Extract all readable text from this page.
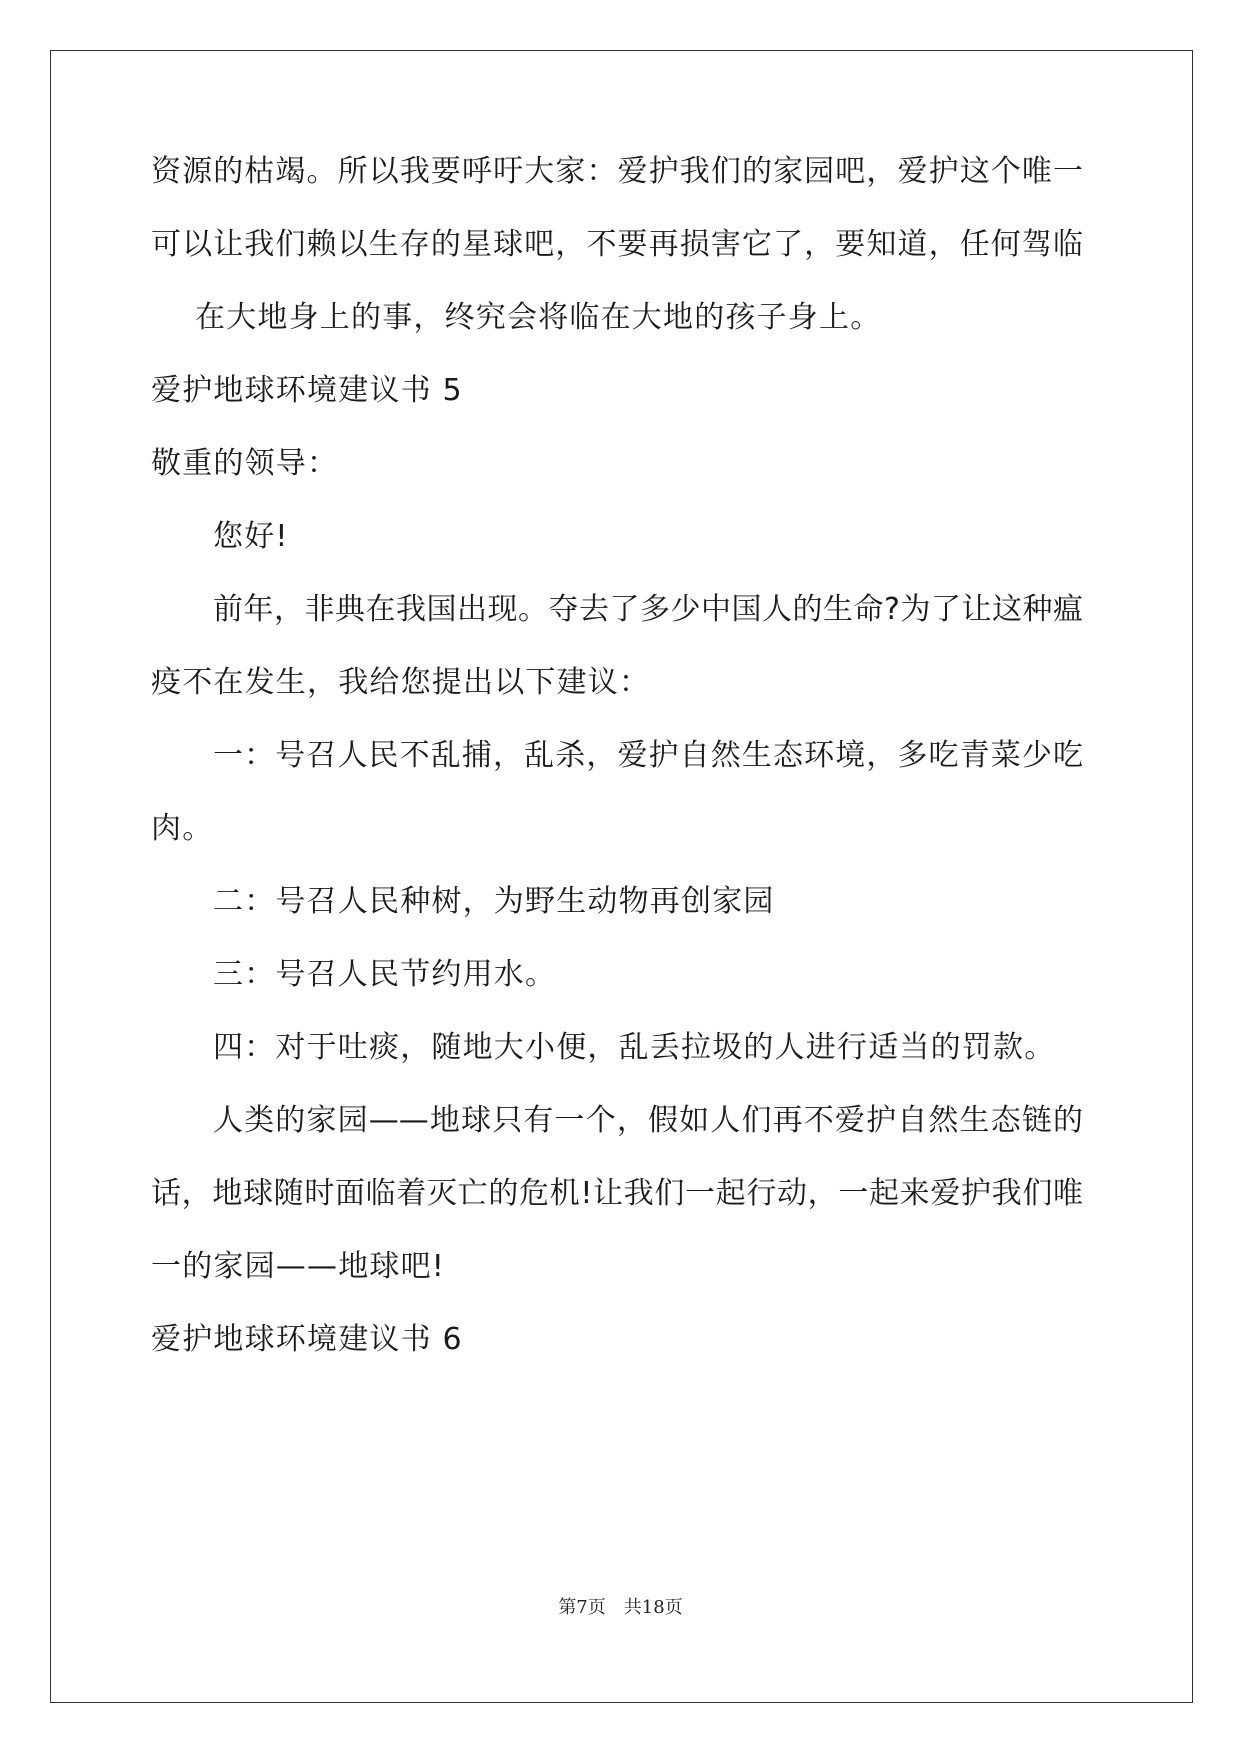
资源的枯竭。所以我要呼吁大家：爱护我们的家园吧，爱护这个唯一

可以让我们赖以生存的星球吧，不要再损害它了，要知道，任何驾临

在大地身上的事，终究会将临在大地的孩子身上。

爱护地球环境建议书 5

敬重的领导：

您好!

前年，非典在我国出现。夺去了多少中国人的生命?为了让这种瘟

疫不在发生，我给您提出以下建议：

一：号召人民不乱捕，乱杀，爱护自然生态环境，多吃青菜少吃

肉。

二：号召人民种树，为野生动物再创家园

三：号召人民节约用水。

四：对于吐痰，随地大小便，乱丢拉圾的人进行适当的罚款。

人类的家园——地球只有一个，假如人们再不爱护自然生态链的

话，地球随时面临着灭亡的危机!让我们一起行动，一起来爱护我们唯

一的家园——地球吧!

爱护地球环境建议书 6

第7页　共18页
